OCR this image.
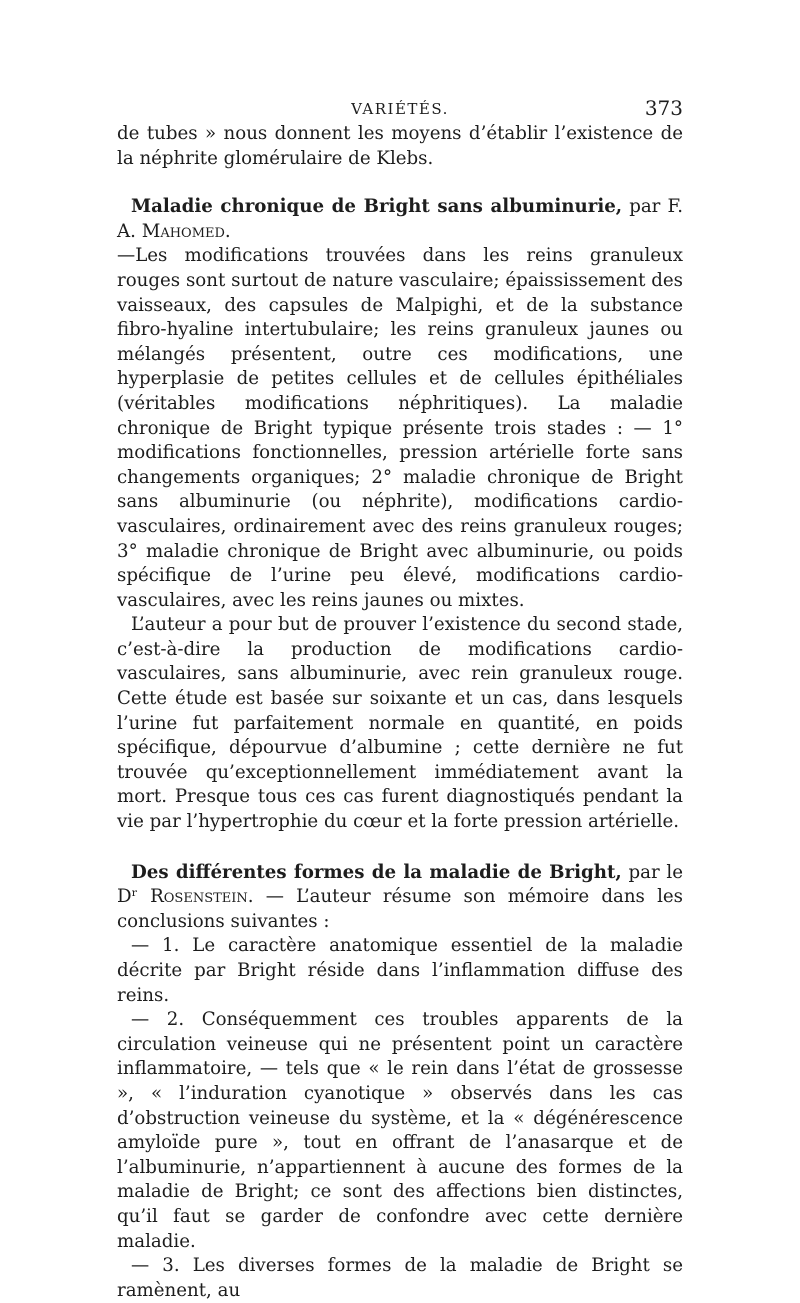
VARIÉTÉS.	373

de tubes » nous donnent les moyens d’établir l’existence de la néphrite glomérulaire de Klebs.

Maladie chronique de Bright sans albuminurie, par F. A. Mahomed.

—Les modifications trouvées dans les reins granuleux rouges sont surtout de nature vasculaire; épaississement des vaisseaux, des capsules de Malpighi, et de la substance fibro-hyaline intertubulaire; les reins granuleux jaunes ou mélangés présentent, outre ces modifications, une hyperplasie de petites cellules et de cellules épithéliales (véritables modifications néphritiques). La maladie chronique de Bright typique présente trois stades : — 1° modifications fonctionnelles, pression artérielle forte sans changements organiques; 2° maladie chronique de Bright sans albuminurie (ou néphrite), modifications cardio-vasculaires, ordinairement avec des reins granuleux rouges; 3° maladie chronique de Bright avec albuminurie, ou poids spécifique de l’urine peu élevé, modifications cardio-vasculaires, avec les reins jaunes ou mixtes.

L’auteur a pour but de prouver l’existence du second stade, c’est-à-dire la production de modifications cardio-vasculaires, sans albuminurie, avec rein granuleux rouge. Cette étude est basée sur soixante et un cas, dans lesquels l’urine fut parfaitement normale en quantité, en poids spécifique, dépourvue d’albumine ; cette dernière ne fut trouvée qu’exceptionnellement immédiatement avant la mort. Presque tous ces cas furent diagnostiqués pendant la vie par l’hypertrophie du cœur et la forte pression artérielle.

Des différentes formes de la maladie de Bright, par le Dʳ Rosenstein. — L’auteur résume son mémoire dans les conclusions suivantes :

— 1. Le caractère anatomique essentiel de la maladie décrite par Bright réside dans l’inflammation diffuse des reins.

— 2. Conséquemment ces troubles apparents de la circulation veineuse qui ne présentent point un caractère inflammatoire, — tels que « le rein dans l’état de grossesse », « l’induration cyanotique » observés dans les cas d’obstruction veineuse du système, et la « dégénérescence amyloïde pure », tout en offrant de l’anasarque et de l’albuminurie, n’appartiennent à aucune des formes de la maladie de Bright; ce sont des affections bien distinctes, qu’il faut se garder de confondre avec cette dernière maladie.

— 3. Les diverses formes de la maladie de Bright se ramènent, au
